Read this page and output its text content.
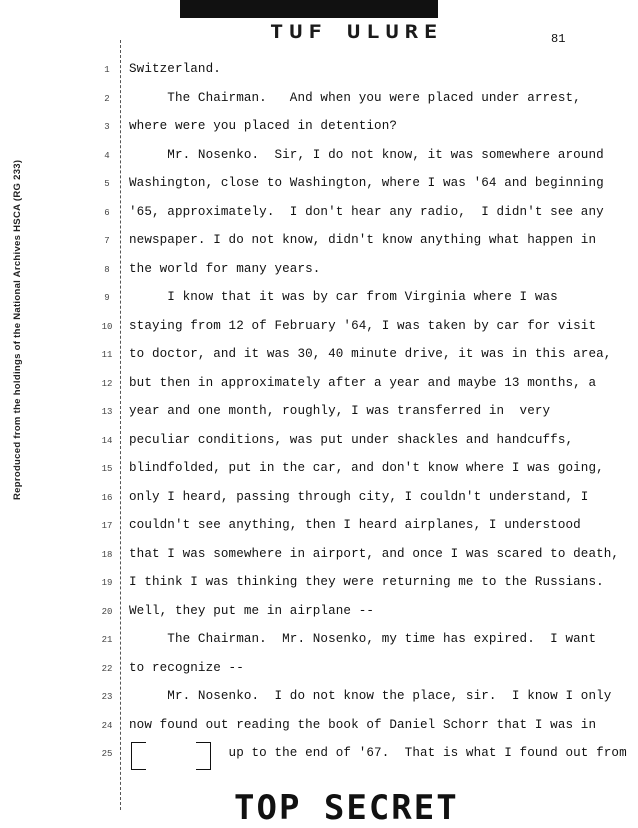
TUF ULURE	81
Reproduced from the holdings of the National Archives HSCA (RG 233)
1	Switzerland.
2	The Chairman.   And when you were placed under arrest,
3	where were you placed in detention?
4	Mr. Nosenko.  Sir, I do not know, it was somewhere around
5	Washington, close to Washington, where I was '64 and beginning
6	'65, approximately.  I don't hear any radio,  I didn't see any
7	newspaper. I do not know, didn't know anything what happen in
8	the world for many years.
9	I know that it was by car from Virginia where I was
10 staying from 12 of February '64, I was taken by car for visit
11 to doctor, and it was 30, 40 minute drive, it was in this area,
12 but then in approximately after a year and maybe 13 months, a
13 year and one month, roughly, I was transferred in  very
14 peculiar conditions, was put under shackles and handcuffs,
15 blindfolded, put in the car, and don't know where I was going,
16 only I heard, passing through city, I couldn't understand, I
17 couldn't see anything, then I heard airplanes, I understood
18 that I was somewhere in airport, and once I was scared to death,
19 I think I was thinking they were returning me to the Russians.
20 Well, they put me in airplane --
21 The Chairman.  Mr. Nosenko, my time has expired.  I want
22 to recognize --
23 Mr. Nosenko.  I do not know the place, sir.  I know I only
24 now found out reading the book of Daniel Schorr that I was in
25 up to the end of '67.  That is what I found out from
TOP SECRET
